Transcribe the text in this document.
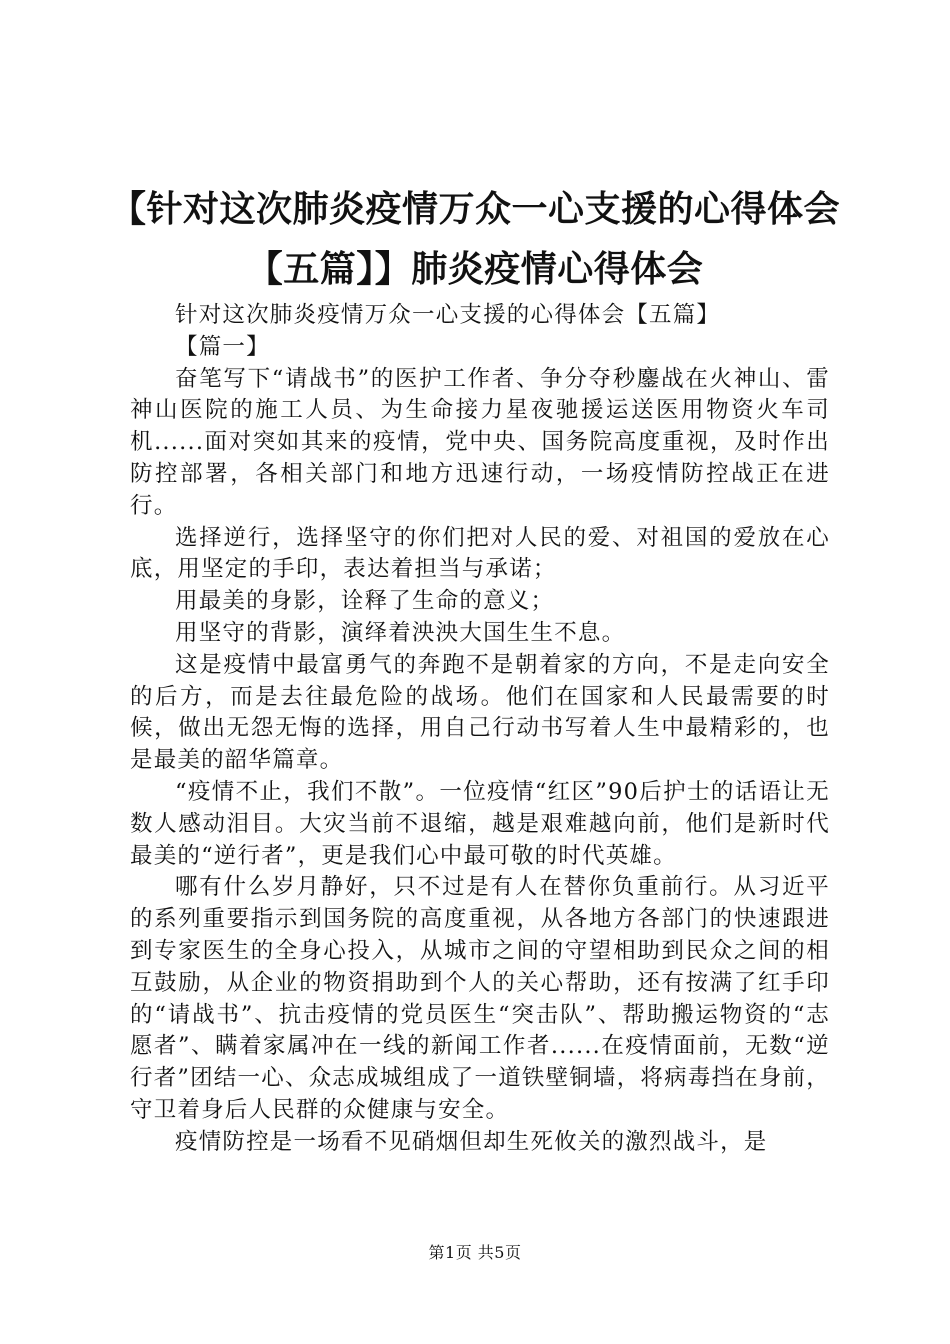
【针对这次肺炎疫情万众一心支援的心得体会
【五篇】】肺炎疫情心得体会

针对这次肺炎疫情万众一心支援的心得体会【五篇】

【篇一】

奋笔写下“请战书”的医护工作者、争分夺秒鏖战在火神山、雷神山医院的施工人员、为生命接力星夜驰援运送医用物资火车司机......面对突如其来的疫情，党中央、国务院高度重视，及时作出防控部署，各相关部门和地方迅速行动，一场疫情防控战正在进行。

选择逆行，选择坚守的你们把对人民的爱、对祖国的爱放在心底，用坚定的手印，表达着担当与承诺；

用最美的身影，诠释了生命的意义；

用坚守的背影，演绎着泱泱大国生生不息。

这是疫情中最富勇气的奔跑不是朝着家的方向，不是走向安全的后方，而是去往最危险的战场。他们在国家和人民最需要的时候，做出无怨无悔的选择，用自己行动书写着人生中最精彩的，也是最美的韶华篇章。

“疫情不止，我们不散”。一位疫情“红区”90后护士的话语让无数人感动泪目。大灾当前不退缩，越是艰难越向前，他们是新时代最美的“逆行者”，更是我们心中最可敬的时代英雄。

哪有什么岁月静好，只不过是有人在替你负重前行。从习近平的系列重要指示到国务院的高度重视，从各地方各部门的快速跟进到专家医生的全身心投入，从城市之间的守望相助到民众之间的相互鼓励，从企业的物资捐助到个人的关心帮助，还有按满了红手印的“请战书”、抗击疫情的党员医生“突击队”、帮助搬运物资的“志愿者”、瞒着家属冲在一线的新闻工作者......在疫情面前，无数“逆行者”团结一心、众志成城组成了一道铁壁铜墙，将病毒挡在身前，守卫着身后人民群的众健康与安全。

疫情防控是一场看不见硝烟但却生死攸关的激烈战斗，是

第1页 共5页
